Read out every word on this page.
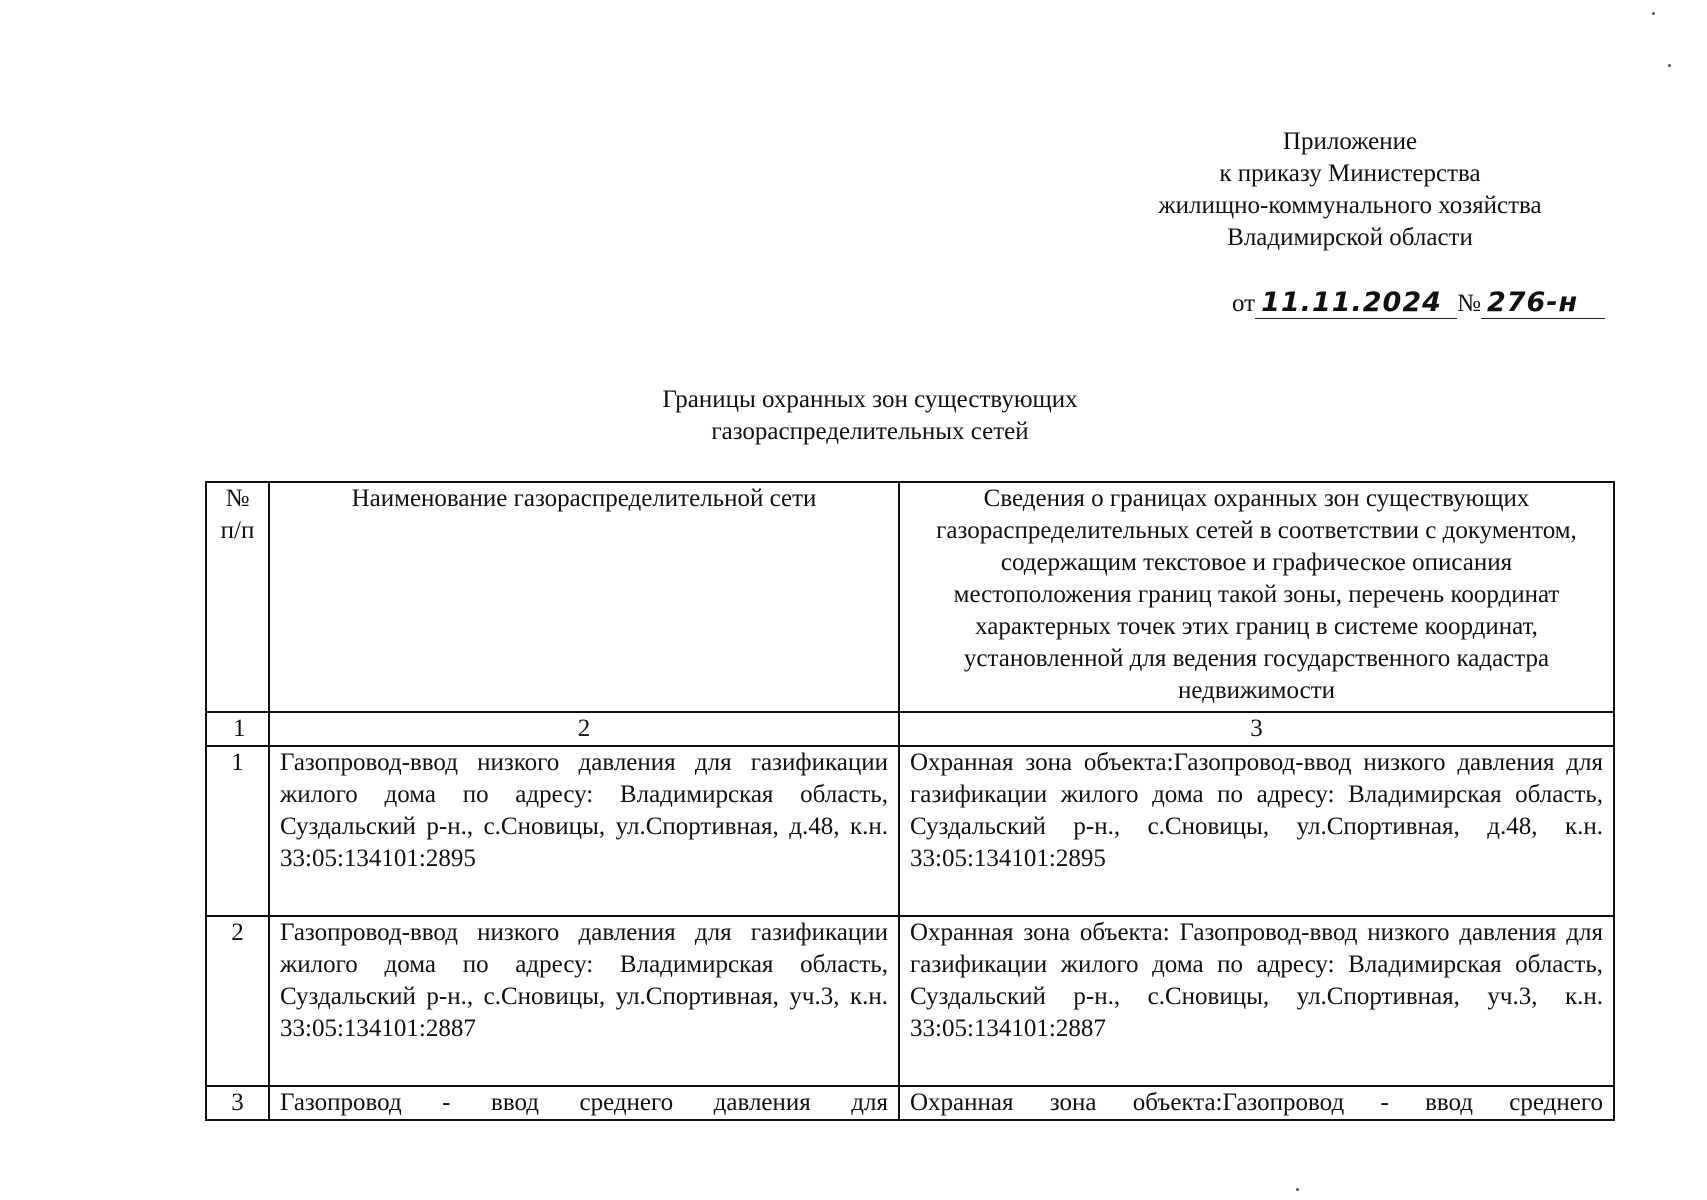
Приложение
к приказу Министерства
жилищно-коммунального хозяйства
Владимирской области
от 11.11.2024 № 276-н
Границы охранных зон существующих
газораспределительных сетей
№ п/п	Наименование газораспределительной сети	Сведения о границах охранных зон существующих газораспределительных сетей в соответствии с документом, содержащим текстовое и графическое описания местоположения границ такой зоны, перечень координат характерных точек этих границ в системе координат, установленной для ведения государственного кадастра недвижимости
1	2	3
1	Газопровод-ввод низкого давления для газификации жилого дома по адресу: Владимирская область, Суздальский р-н., с.Сновицы, ул.Спортивная, д.48, к.н. 33:05:134101:2895	Охранная зона объекта:Газопровод-ввод низкого давления для газификации жилого дома по адресу: Владимирская область, Суздальский р-н., с.Сновицы, ул.Спортивная, д.48, к.н. 33:05:134101:2895
2	Газопровод-ввод низкого давления для газификации жилого дома по адресу: Владимирская область, Суздальский р-н., с.Сновицы, ул.Спортивная, уч.3, к.н. 33:05:134101:2887	Охранная зона объекта: Газопровод-ввод низкого давления для газификации жилого дома по адресу: Владимирская область, Суздальский р-н., с.Сновицы, ул.Спортивная, уч.3, к.н. 33:05:134101:2887
3	Газопровод - ввод среднего давления для	Охранная зона объекта:Газопровод - ввод среднего
